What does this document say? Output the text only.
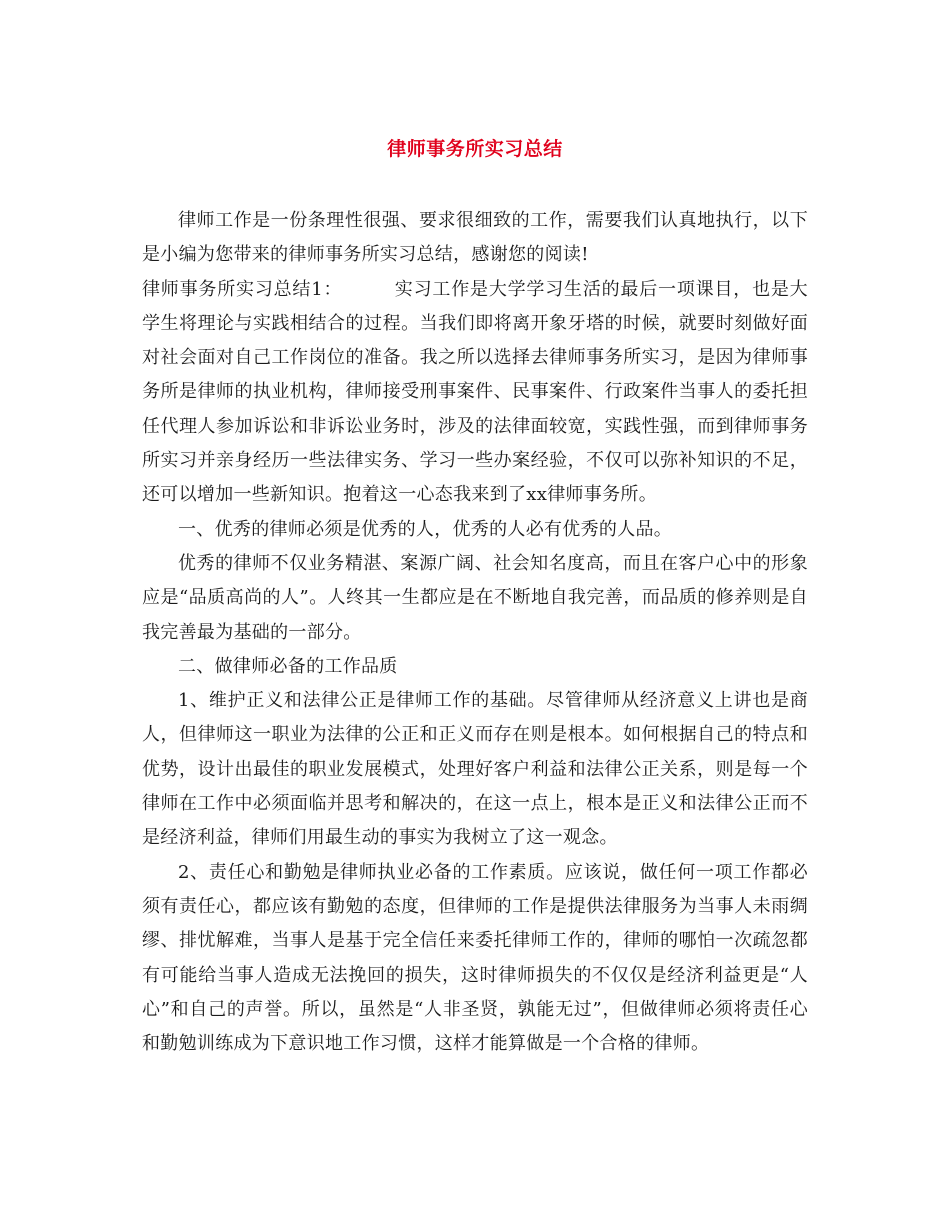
律师事务所实习总结

律师工作是一份条理性很强、要求很细致的工作，需要我们认真地执行，以下是小编为您带来的律师事务所实习总结，感谢您的阅读!

律师事务所实习总结1：	实习工作是大学学习生活的最后一项课目，也是大学生将理论与实践相结合的过程。当我们即将离开象牙塔的时候，就要时刻做好面对社会面对自己工作岗位的准备。我之所以选择去律师事务所实习，是因为律师事务所是律师的执业机构，律师接受刑事案件、民事案件、行政案件当事人的委托担任代理人参加诉讼和非诉讼业务时，涉及的法律面较宽，实践性强，而到律师事务所实习并亲身经历一些法律实务、学习一些办案经验，不仅可以弥补知识的不足，还可以增加一些新知识。抱着这一心态我来到了xx律师事务所。

一、优秀的律师必须是优秀的人，优秀的人必有优秀的人品。

优秀的律师不仅业务精湛、案源广阔、社会知名度高，而且在客户心中的形象应是“品质高尚的人”。人终其一生都应是在不断地自我完善，而品质的修养则是自我完善最为基础的一部分。

二、做律师必备的工作品质

1、维护正义和法律公正是律师工作的基础。尽管律师从经济意义上讲也是商人，但律师这一职业为法律的公正和正义而存在则是根本。如何根据自己的特点和优势，设计出最佳的职业发展模式，处理好客户利益和法律公正关系，则是每一个律师在工作中必须面临并思考和解决的，在这一点上，根本是正义和法律公正而不是经济利益，律师们用最生动的事实为我树立了这一观念。

2、责任心和勤勉是律师执业必备的工作素质。应该说，做任何一项工作都必须有责任心，都应该有勤勉的态度，但律师的工作是提供法律服务为当事人未雨绸缪、排忧解难，当事人是基于完全信任来委托律师工作的，律师的哪怕一次疏忽都有可能给当事人造成无法挽回的损失，这时律师损失的不仅仅是经济利益更是“人心”和自己的声誉。所以，虽然是“人非圣贤，孰能无过”，但做律师必须将责任心和勤勉训练成为下意识地工作习惯，这样才能算做是一个合格的律师。
